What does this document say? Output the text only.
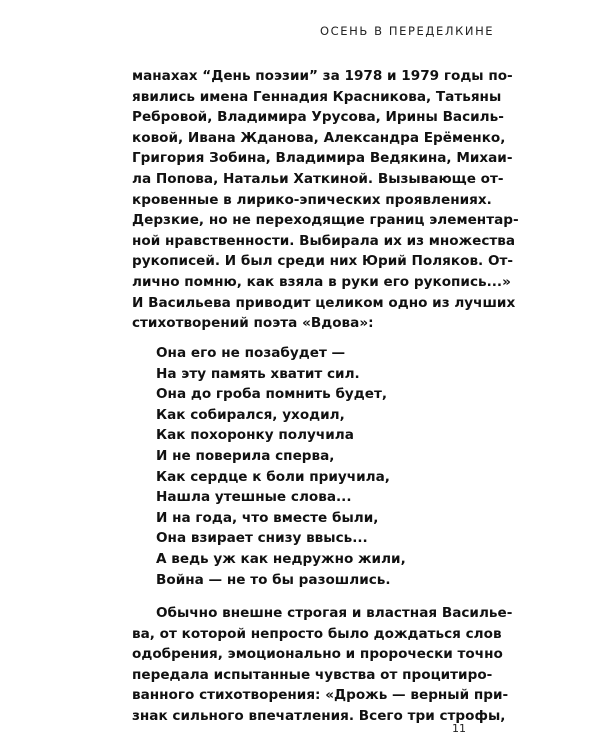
ОСЕНЬ В ПЕРЕДЕЛКИНЕ
манахах “День поэзии” за 1978 и 1979 годы по-
явились имена Геннадия Красникова, Татьяны
Ребровой, Владимира Урусова, Ирины Василь-
ковой, Ивана Жданова, Александра Ерёменко,
Григория Зобина, Владимира Ведякина, Михаи-
ла Попова, Натальи Хаткиной. Вызывающе от-
кровенные в лирико-эпических проявлениях.
Дерзкие, но не переходящие границ элементар-
ной нравственности. Выбирала их из множества
рукописей. И был среди них Юрий Поляков. От-
лично помню, как взяла в руки его рукопись...»
И Васильева приводит целиком одно из лучших
стихотворений поэта «Вдова»:
Она его не позабудет —
На эту память хватит сил.
Она до гроба помнить будет,
Как собирался, уходил,
Как похоронку получила
И не поверила сперва,
Как сердце к боли приучила,
Нашла утешные слова...
И на года, что вместе были,
Она взирает снизу ввысь...
А ведь уж как недружно жили,
Война — не то бы разошлись.
Обычно внешне строгая и властная Василье-
ва, от которой непросто было дождаться слов
одобрения, эмоционально и пророчески точно
передала испытанные чувства от процитиро-
ванного стихотворения: «Дрожь — верный при-
знак сильного впечатления. Всего три строфы,
11
